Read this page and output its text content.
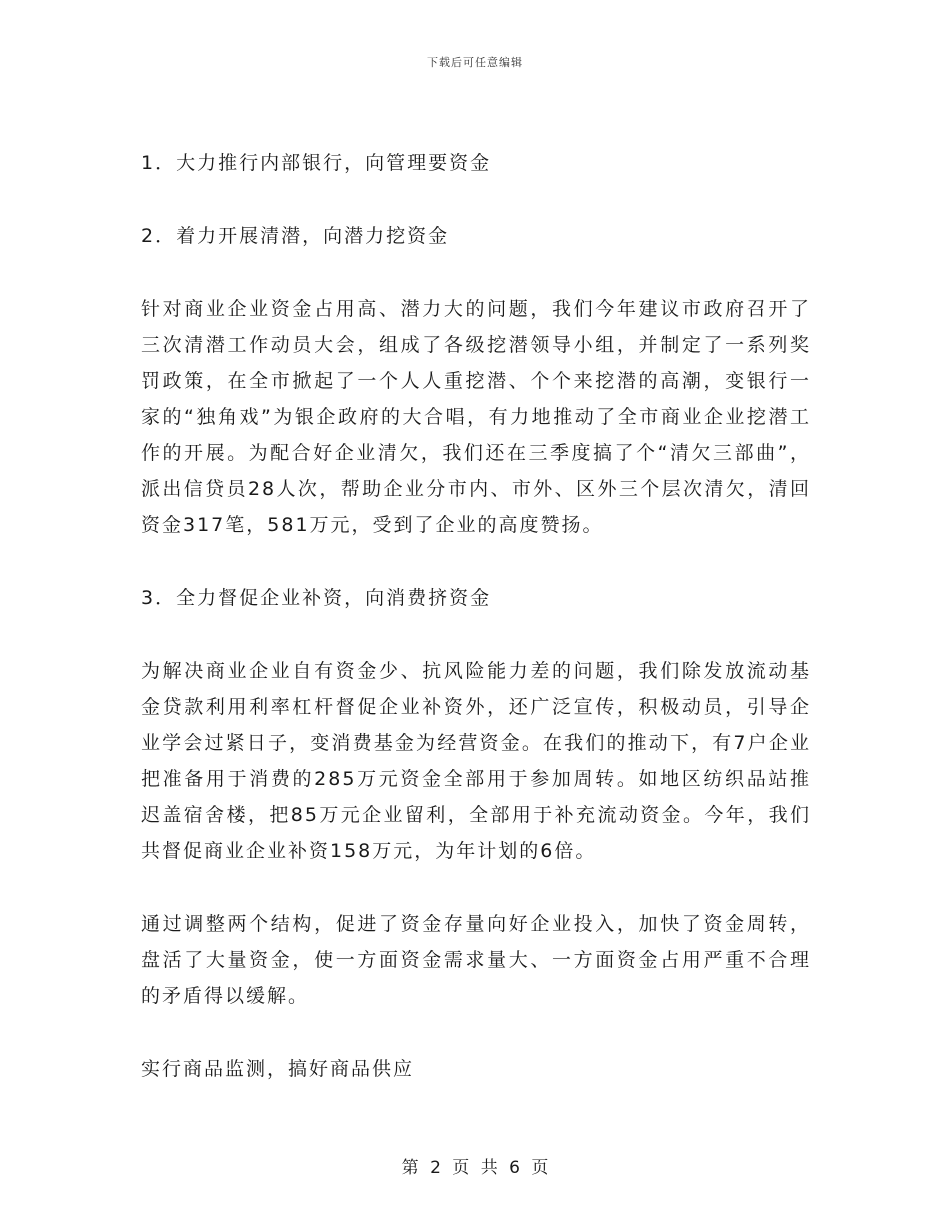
下载后可任意编辑
1．大力推行内部银行，向管理要资金
2．着力开展清潜，向潜力挖资金
针对商业企业资金占用高、潜力大的问题，我们今年建议市政府召开了三次清潜工作动员大会，组成了各级挖潜领导小组，并制定了一系列奖罚政策，在全市掀起了一个人人重挖潜、个个来挖潜的高潮，变银行一家的“独角戏”为银企政府的大合唱，有力地推动了全市商业企业挖潜工作的开展。为配合好企业清欠，我们还在三季度搞了个“清欠三部曲”，派出信贷员28人次，帮助企业分市内、市外、区外三个层次清欠，清回资金317笔，581万元，受到了企业的高度赞扬。
3．全力督促企业补资，向消费挤资金
为解决商业企业自有资金少、抗风险能力差的问题，我们除发放流动基金贷款利用利率杠杆督促企业补资外，还广泛宣传，积极动员，引导企业学会过紧日子，变消费基金为经营资金。在我们的推动下，有7户企业把准备用于消费的285万元资金全部用于参加周转。如地区纺织品站推迟盖宿舍楼，把85万元企业留利，全部用于补充流动资金。今年，我们共督促商业企业补资158万元，为年计划的6倍。
通过调整两个结构，促进了资金存量向好企业投入，加快了资金周转，盘活了大量资金，使一方面资金需求量大、一方面资金占用严重不合理的矛盾得以缓解。
实行商品监测，搞好商品供应
第 2 页 共 6 页
